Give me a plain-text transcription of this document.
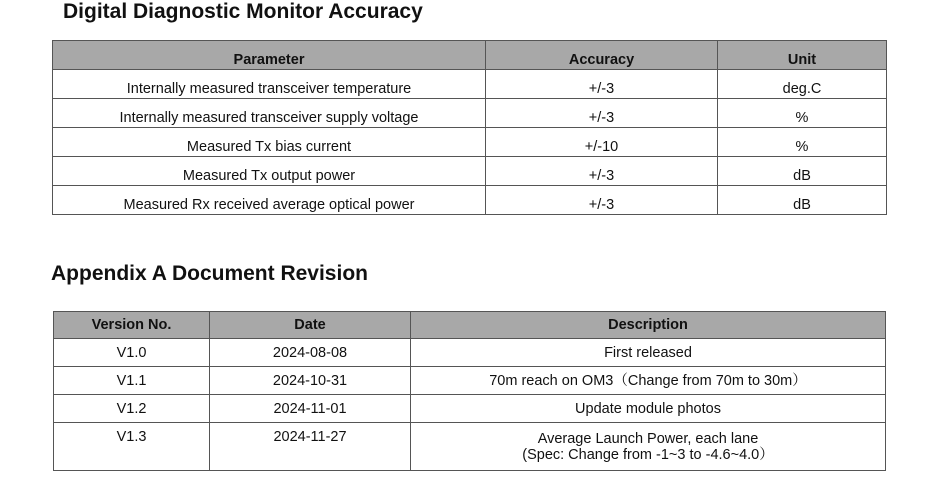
Digital Diagnostic Monitor Accuracy
Parameter	Accuracy	Unit
Internally measured transceiver temperature	+/-3	deg.C
Internally measured transceiver supply voltage	+/-3	%
Measured Tx bias current	+/-10	%
Measured Tx output power	+/-3	dB
Measured Rx received average optical power	+/-3	dB
Appendix A Document Revision
Version No.	Date	Description
V1.0	2024-08-08	First released
V1.1	2024-10-31	70m reach on OM3（Change from 70m to 30m）
V1.2	2024-11-01	Update module photos
V1.3	2024-11-27	Average Launch Power, each lane
(Spec: Change from -1~3 to -4.6~4.0）
